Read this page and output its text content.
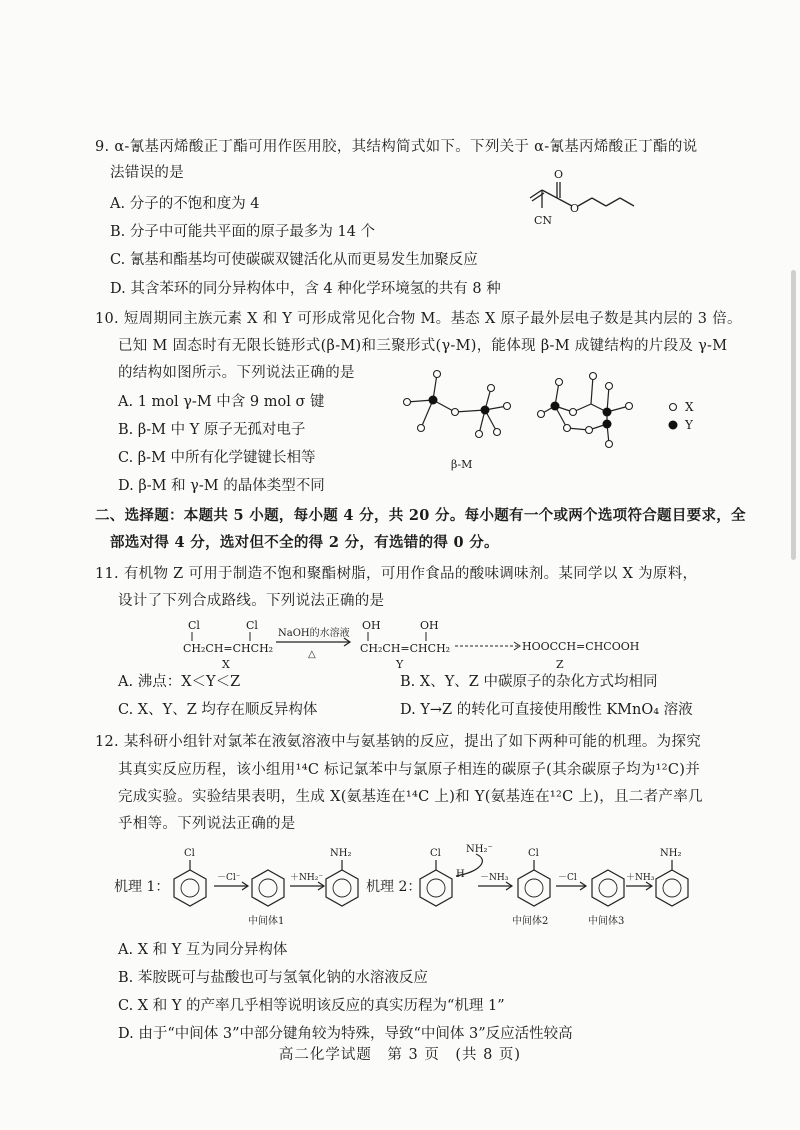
9. α-氰基丙烯酸正丁酯可用作医用胶，其结构简式如下。下列关于 α-氰基丙烯酸正丁酯的说
法错误的是
A. 分子的不饱和度为 4
B. 分子中可能共平面的原子最多为 14 个
C. 氰基和酯基均可使碳碳双键活化从而更易发生加聚反应
D. 其含苯环的同分异构体中，含 4 种化学环境氢的共有 8 种
O
O
CN
10. 短周期同主族元素 X 和 Y 可形成常见化合物 M。基态 X 原子最外层电子数是其内层的 3 倍。
已知 M 固态时有无限长链形式(β-M)和三聚形式(γ-M)，能体现 β-M 成键结构的片段及 γ-M
的结构如图所示。下列说法正确的是
A. 1 mol γ-M 中含 9 mol σ 键
B. β-M 中 Y 原子无孤对电子
C. β-M 中所有化学键键长相等
D. β-M 和 γ-M 的晶体类型不同
X
Y
β-M
二、选择题：本题共 5 小题，每小题 4 分，共 20 分。每小题有一个或两个选项符合题目要求，全
部选对得 4 分，选对但不全的得 2 分，有选错的得 0 分。
11. 有机物 Z 可用于制造不饱和聚酯树脂，可用作食品的酸味调味剂。某同学以 X 为原料，
设计了下列合成路线。下列说法正确的是
Cl	Cl
CH₂CH=CHCH₂
X
NaOH的水溶液
△
OH	OH
CH₂CH=CHCH₂
Y
HOOCCH=CHCOOH
Z
A. 沸点：X＜Y＜Z	B. X、Y、Z 中碳原子的杂化方式均相同
C. X、Y、Z 均存在顺反异构体	D. Y→Z 的转化可直接使用酸性 KMnO₄ 溶液
12. 某科研小组针对氯苯在液氨溶液中与氨基钠的反应，提出了如下两种可能的机理。为探究
其真实反应历程，该小组用¹⁴C 标记氯苯中与氯原子相连的碳原子(其余碳原子均为¹²C)并
完成实验。实验结果表明，生成 X(氨基连在¹⁴C 上)和 Y(氨基连在¹²C 上)，且二者产率几
乎相等。下列说法正确的是
机理 1：
Cl
－Cl⁻	＋NH₂⁻
NH₂
中间体1
机理 2：
Cl
H
NH₂⁻
－NH₃
Cl
－Cl	＋NH₃
NH₂
中间体2	中间体3
A. X 和 Y 互为同分异构体
B. 苯胺既可与盐酸也可与氢氧化钠的水溶液反应
C. X 和 Y 的产率几乎相等说明该反应的真实历程为“机理 1”
D. 由于“中间体 3”中部分键角较为特殊，导致“中间体 3”反应活性较高
高二化学试题　第 3 页　(共 8 页)
